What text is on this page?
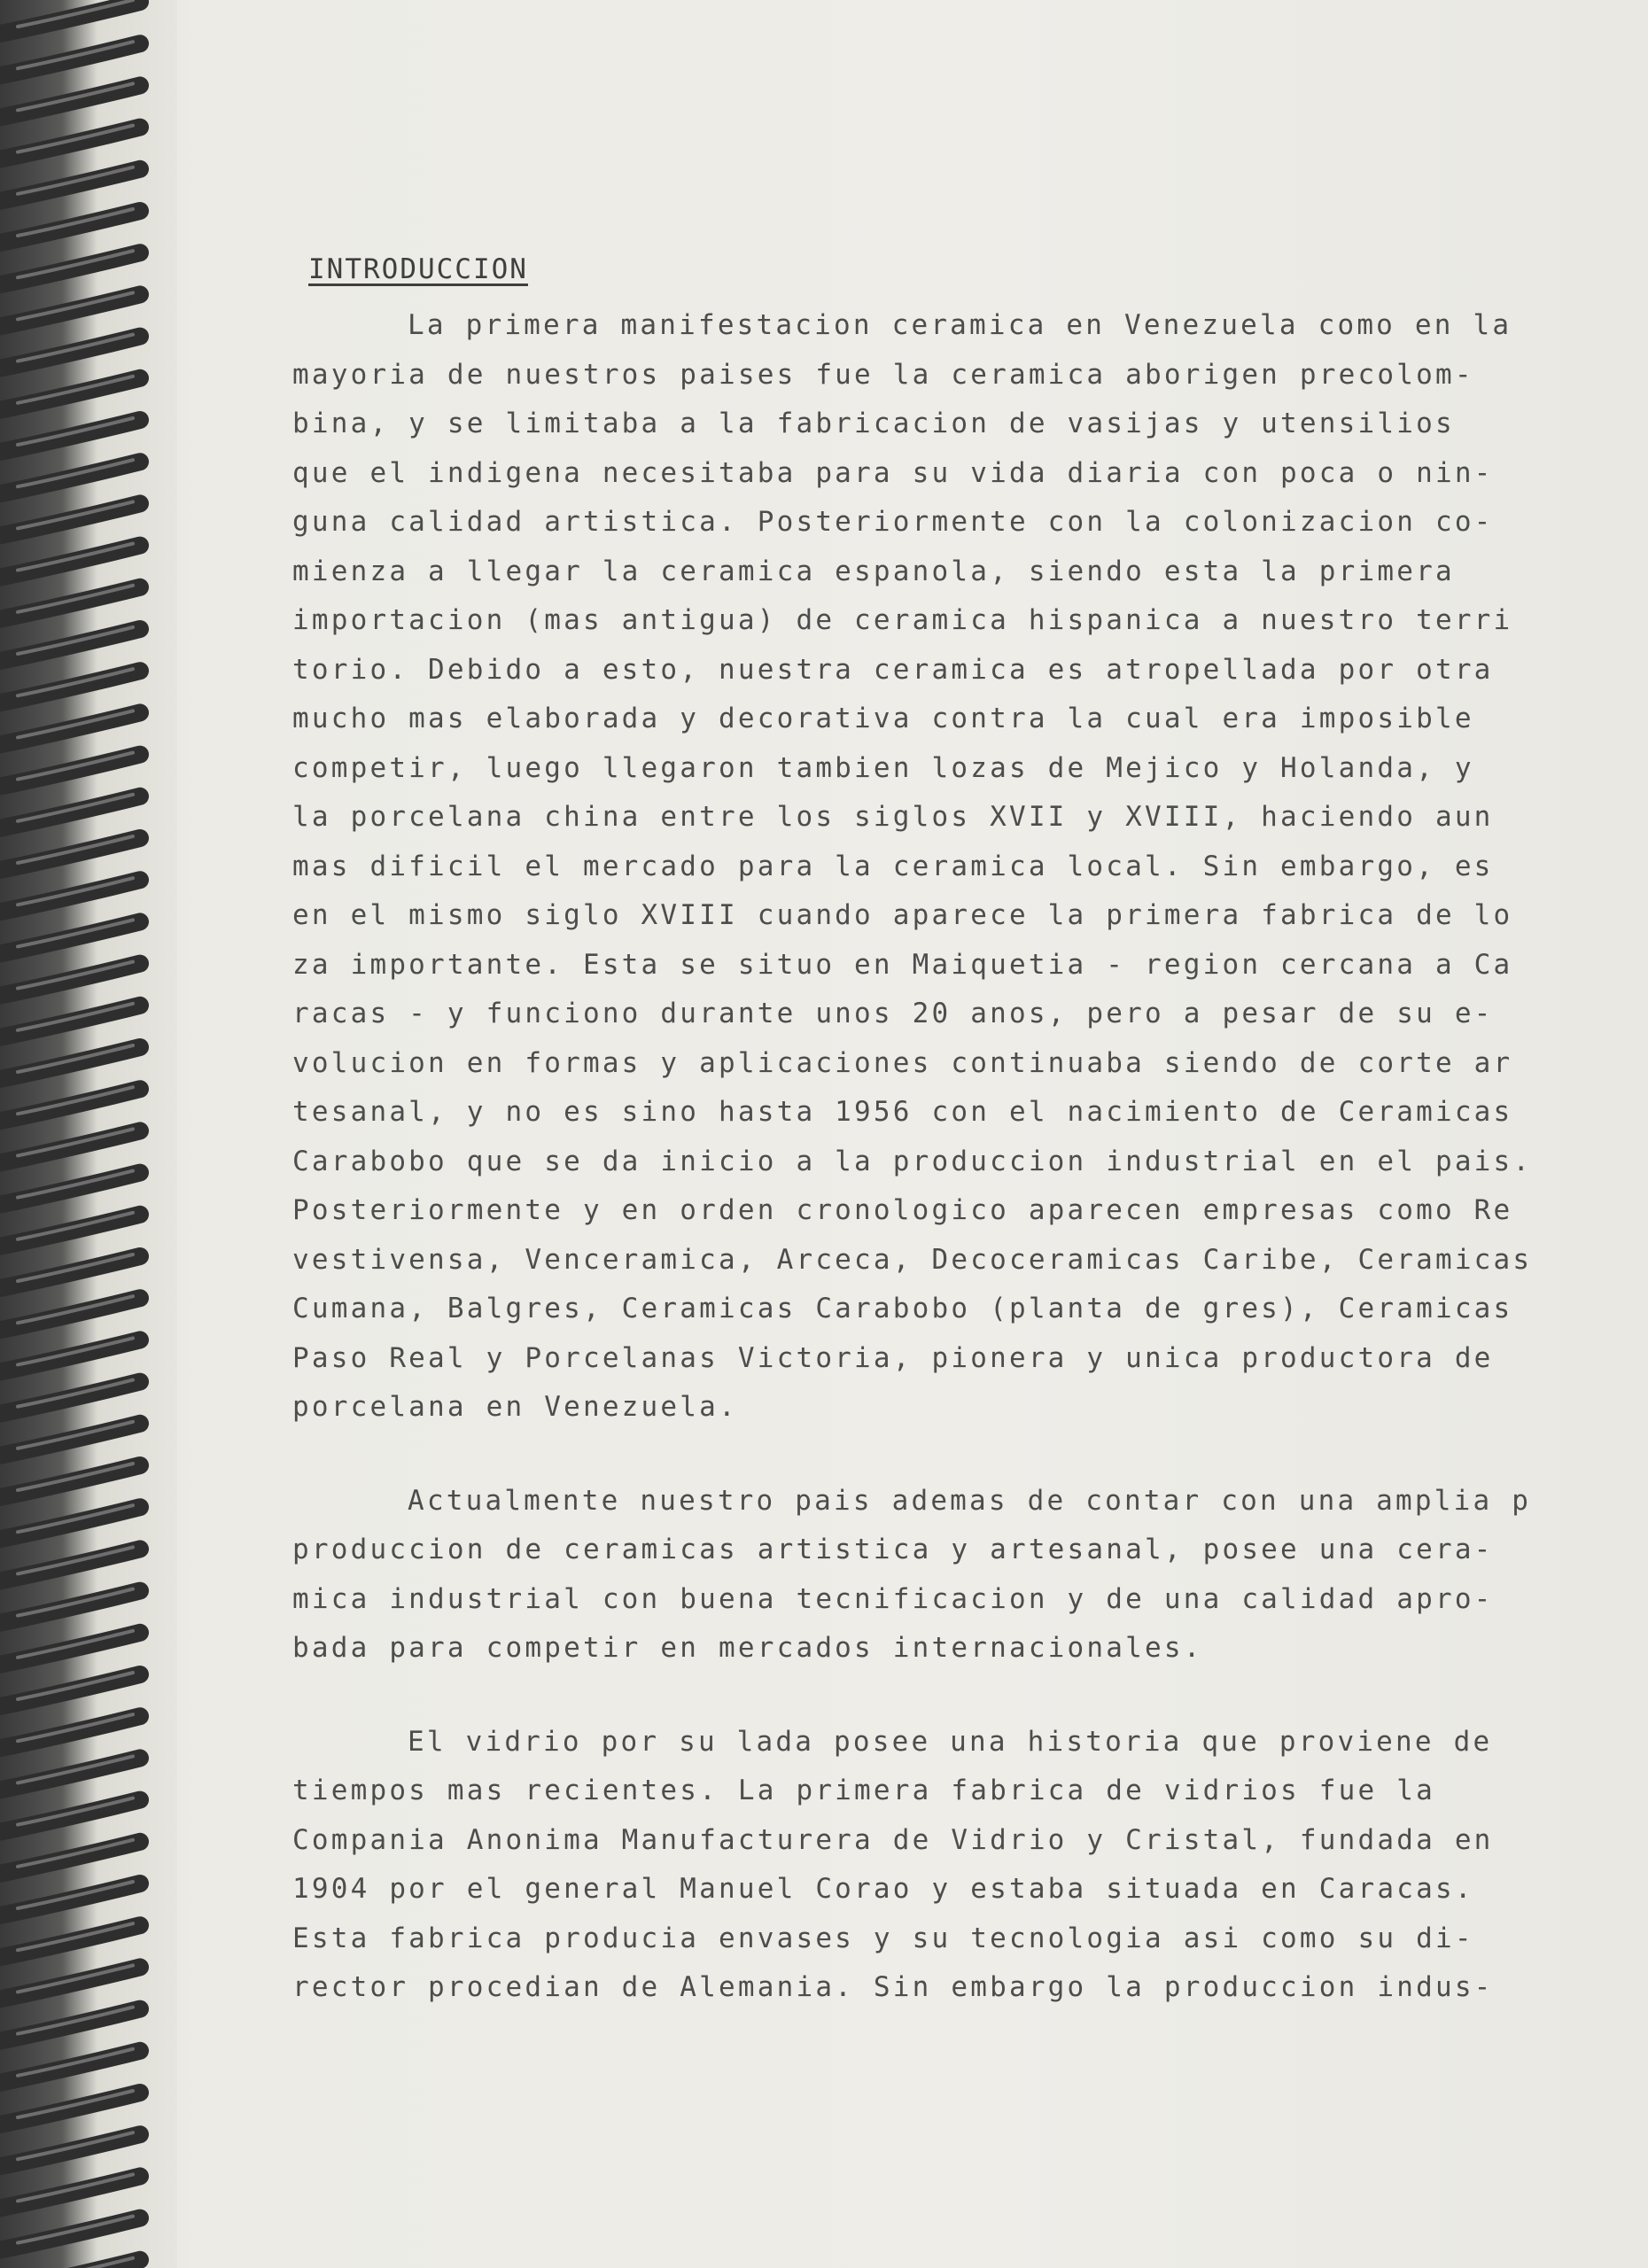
INTRODUCCION
La primera manifestacion ceramica en Venezuela como en la
mayoria de nuestros paises fue la ceramica aborigen precolom-
bina, y se limitaba a la fabricacion de vasijas y utensilios
que el indigena necesitaba para su vida diaria con poca o nin-
guna calidad artistica. Posteriormente con la colonizacion co-
mienza a llegar la ceramica espanola, siendo esta la primera
importacion (mas antigua) de ceramica hispanica a nuestro terri
torio. Debido a esto, nuestra ceramica es atropellada por otra
mucho mas elaborada y decorativa contra la cual era imposible
competir, luego llegaron tambien lozas de Mejico y Holanda, y
la porcelana china entre los siglos XVII y XVIII, haciendo aun
mas dificil el mercado para la ceramica local. Sin embargo, es
en el mismo siglo XVIII cuando aparece la primera fabrica de lo
za importante. Esta se situo en Maiquetia - region cercana a Ca
racas - y funciono durante unos 20 anos, pero a pesar de su e-
volucion en formas y aplicaciones continuaba siendo de corte ar
tesanal, y no es sino hasta 1956 con el nacimiento de Ceramicas
Carabobo que se da inicio a la produccion industrial en el pais.
Posteriormente y en orden cronologico aparecen empresas como Re
vestivensa, Venceramica, Arceca, Decoceramicas Caribe, Ceramicas
Cumana, Balgres, Ceramicas Carabobo (planta de gres), Ceramicas
Paso Real y Porcelanas Victoria, pionera y unica productora de
porcelana en Venezuela.
Actualmente nuestro pais ademas de contar con una amplia p
produccion de ceramicas artistica y artesanal, posee una cera-
mica industrial con buena tecnificacion y de una calidad apro-
bada para competir en mercados internacionales.
El vidrio por su lada posee una historia que proviene de
tiempos mas recientes. La primera fabrica de vidrios fue la
Compania Anonima Manufacturera de Vidrio y Cristal, fundada en
1904 por el general Manuel Corao y estaba situada en Caracas.
Esta fabrica producia envases y su tecnologia asi como su di-
rector procedian de Alemania. Sin embargo la produccion indus-
